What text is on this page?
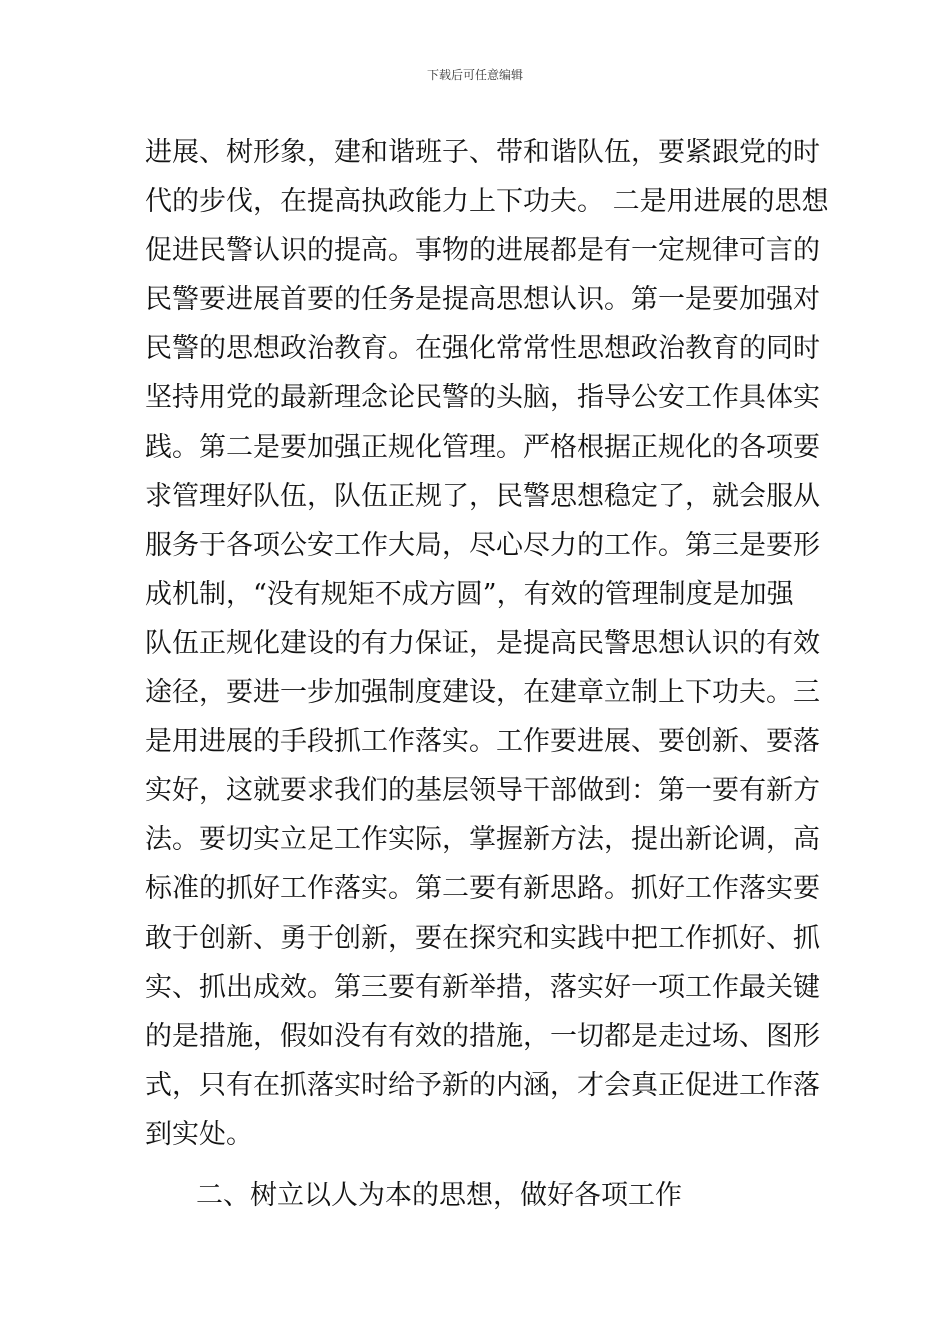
下载后可任意编辑
进展、树形象，建和谐班子、带和谐队伍，要紧跟党的时
代的步伐，在提高执政能力上下功夫。 二是用进展的思想
促进民警认识的提高。事物的进展都是有一定规律可言的
民警要进展首要的任务是提高思想认识。第一是要加强对
民警的思想政治教育。在强化常常性思想政治教育的同时
坚持用党的最新理念论民警的头脑，指导公安工作具体实
践。第二是要加强正规化管理。严格根据正规化的各项要
求管理好队伍，队伍正规了，民警思想稳定了，就会服从
服务于各项公安工作大局，尽心尽力的工作。第三是要形
成机制，“没有规矩不成方圆”，有效的管理制度是加强
队伍正规化建设的有力保证，是提高民警思想认识的有效
途径，要进一步加强制度建设，在建章立制上下功夫。三
是用进展的手段抓工作落实。工作要进展、要创新、要落
实好，这就要求我们的基层领导干部做到：第一要有新方
法。要切实立足工作实际，掌握新方法，提出新论调，高
标准的抓好工作落实。第二要有新思路。抓好工作落实要
敢于创新、勇于创新，要在探究和实践中把工作抓好、抓
实、抓出成效。第三要有新举措，落实好一项工作最关键
的是措施，假如没有有效的措施，一切都是走过场、图形
式，只有在抓落实时给予新的内涵，才会真正促进工作落
到实处。
二、树立以人为本的思想，做好各项工作
